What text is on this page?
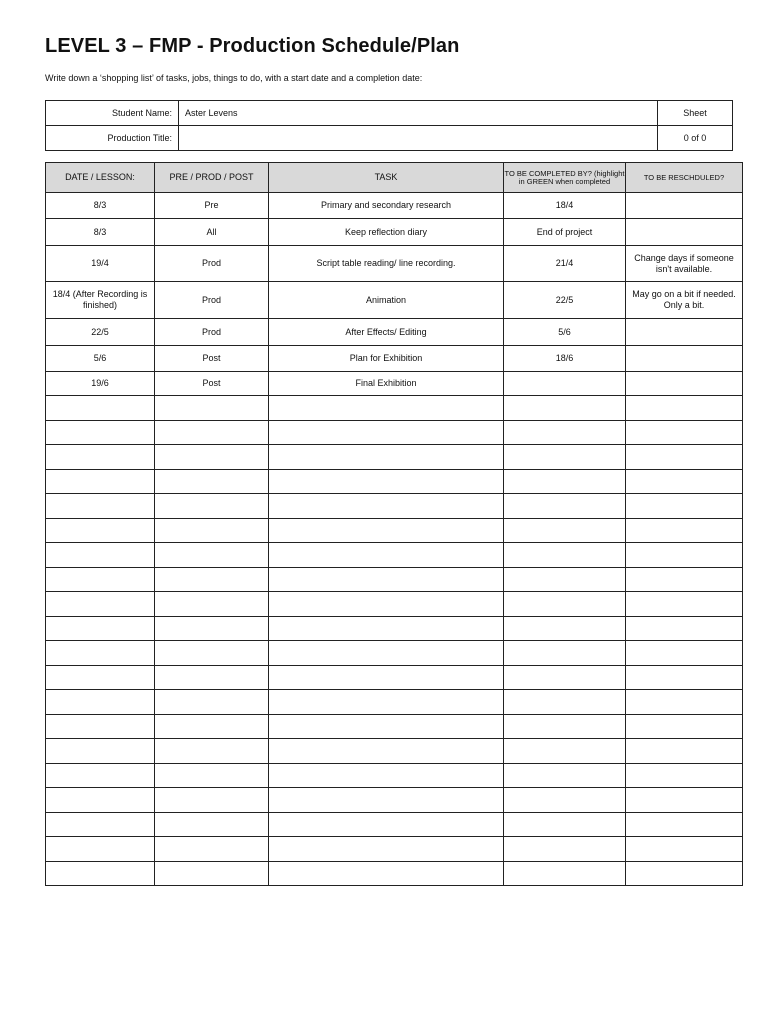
LEVEL 3 – FMP - Production Schedule/Plan
Write down a ‘shopping list’ of tasks, jobs, things to do, with a start date and a completion date:
Student Name:	Aster Levens	Sheet
Production Title:		0 of 0
DATE / LESSON:	PRE / PROD / POST	TASK	TO BE COMPLETED BY? (highlight in GREEN when completed	TO BE RESCHDULED?
8/3	Pre	Primary and secondary research	18/4	
8/3	All	Keep reflection diary	End of project	
19/4	Prod	Script table reading/ line recording.	21/4	Change days if someone isn't available.
18/4 (After Recording is finished)	Prod	Animation	22/5	May go on a bit if needed. Only a bit.
22/5	Prod	After Effects/ Editing	5/6	
5/6	Post	Plan for Exhibition	18/6	
19/6	Post	Final Exhibition		
